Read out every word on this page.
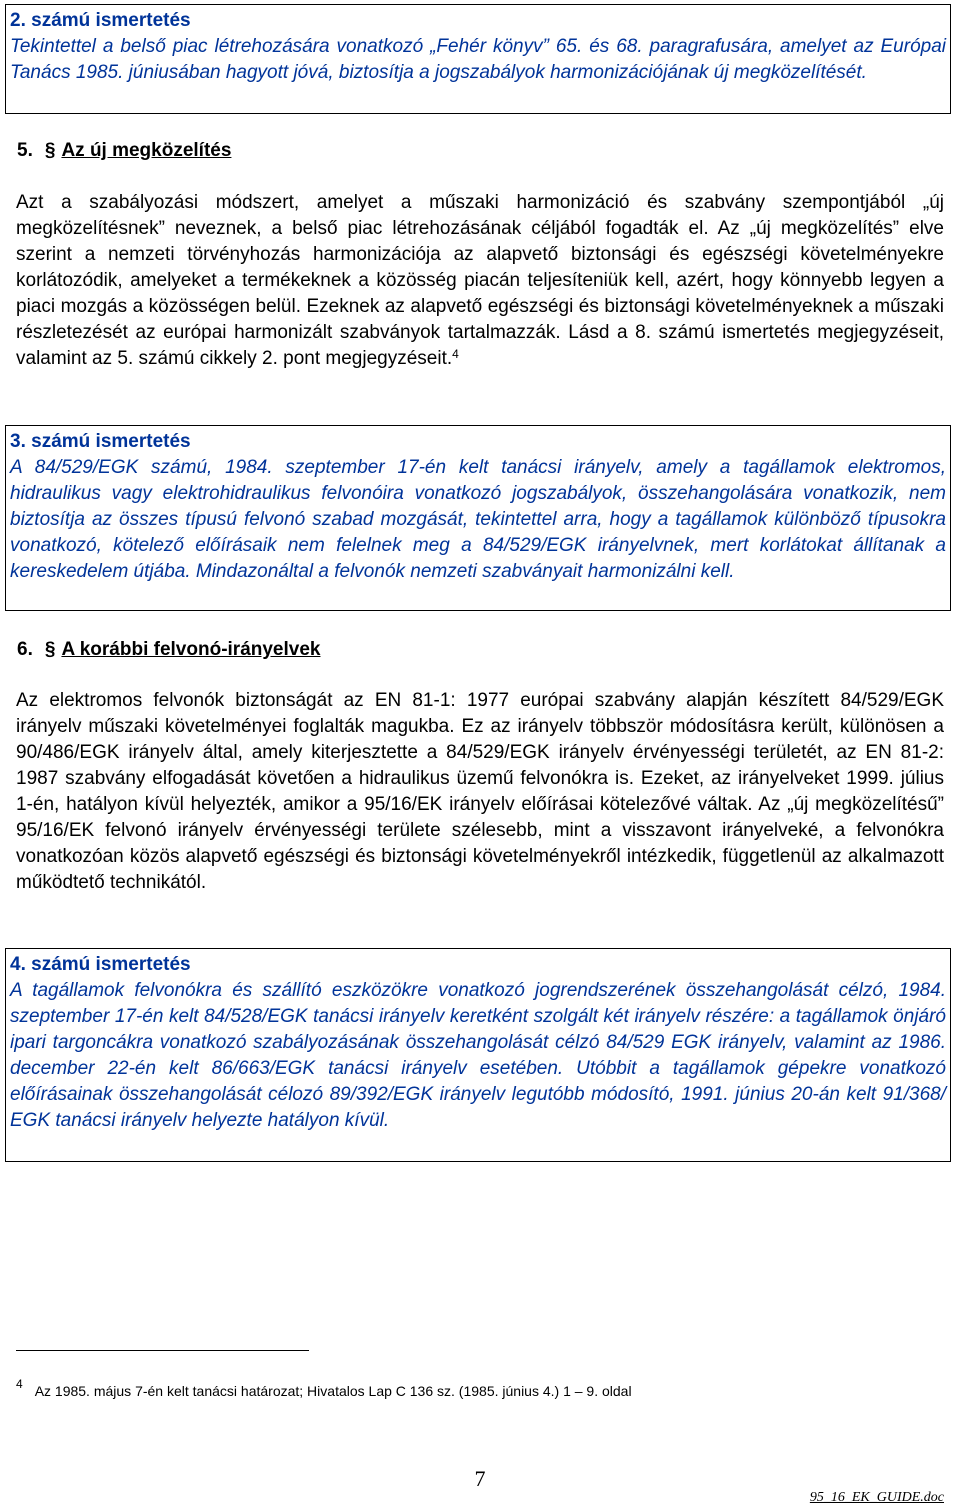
2. számú ismertetés
Tekintettel a belső piac létrehozására vonatkozó „Fehér könyv” 65. és 68. paragrafusára, amelyet az Európai Tanács 1985. júniusában hagyott jóvá, biztosítja a jogszabályok harmonizációjának új megközelítését.
5. § Az új megközelítés
Azt a szabályozási módszert, amelyet a műszaki harmonizáció és szabvány szempontjából „új megközelítésnek” neveznek, a belső piac létrehozásának céljából fogadták el. Az „új megközelítés” elve szerint a nemzeti törvényhozás harmonizációja az alapvető biztonsági és egészségi követelményekre korlátozódik, amelyeket a termékeknek a közösség piacán teljesíteniük kell, azért, hogy könnyebb legyen a piaci mozgás a közösségen belül. Ezeknek az alapvető egészségi és biztonsági követelményeknek a műszaki részletezését az európai harmonizált szabványok tartalmazzák. Lásd a 8. számú ismertetés megjegyzéseit, valamint az 5. számú cikkely 2. pont megjegyzéseit.$^4$
3. számú ismertetés
A 84/529/EGK számú, 1984. szeptember 17-én kelt tanácsi irányelv, amely a tagállamok elektromos, hidraulikus vagy elektrohidraulikus felvonóira vonatkozó jogszabályok, összehangolására vonatkozik, nem biztosítja az összes típusú felvonó szabad mozgását, tekintettel arra, hogy a tagállamok különböző típusokra vonatkozó, kötelező előírásaik nem felelnek meg a 84/529/EGK irányelvnek, mert korlátokat állítanak a kereskedelem útjába. Mindazonáltal a felvonók nemzeti szabványait harmonizálni kell.
6. § A korábbi felvonó-irányelvek
Az elektromos felvonók biztonságát az EN 81-1: 1977 európai szabvány alapján készített 84/529/EGK irányelv műszaki követelményei foglalták magukba. Ez az irányelv többször módosításra került, különösen a 90/486/EGK irányelv által, amely kiterjesztette a 84/529/EGK irányelv érvényességi területét, az EN 81-2: 1987 szabvány elfogadását követően a hidraulikus üzemű felvonókra is. Ezeket, az irányelveket 1999. július 1-én, hatályon kívül helyezték, amikor a 95/16/EK irányelv előírásai kötelezővé váltak. Az „új megközelítésű” 95/16/EK felvonó irányelv érvényességi területe szélesebb, mint a visszavont irányelveké, a felvonókra vonatkozóan közös alapvető egészségi és biztonsági követelményekről intézkedik, függetlenül az alkalmazott működtető technikától.
4. számú ismertetés
A tagállamok felvonókra és szállító eszközökre vonatkozó jogrendszerének összehangolását célzó, 1984. szeptember 17-én kelt 84/528/EGK tanácsi irányelv keretként szolgált két irányelv részére: a tagállamok önjáró ipari targoncákra vonatkozó szabályozásának összehangolását célzó 84/529 EGK irányelv, valamint az 1986. december 22-én kelt 86/663/EGK tanácsi irányelv esetében. Utóbbit a tagállamok gépekre vonatkozó előírásainak összehangolását célozó 89/392/EGK irányelv legutóbb módosító, 1991. június 20-án kelt 91/368/ EGK tanácsi irányelv helyezte hatályon kívül.
4 Az 1985. május 7-én kelt tanácsi határozat; Hivatalos Lap C 136 sz. (1985. június 4.) 1 – 9. oldal
7
95_16_EK_GUIDE.doc
